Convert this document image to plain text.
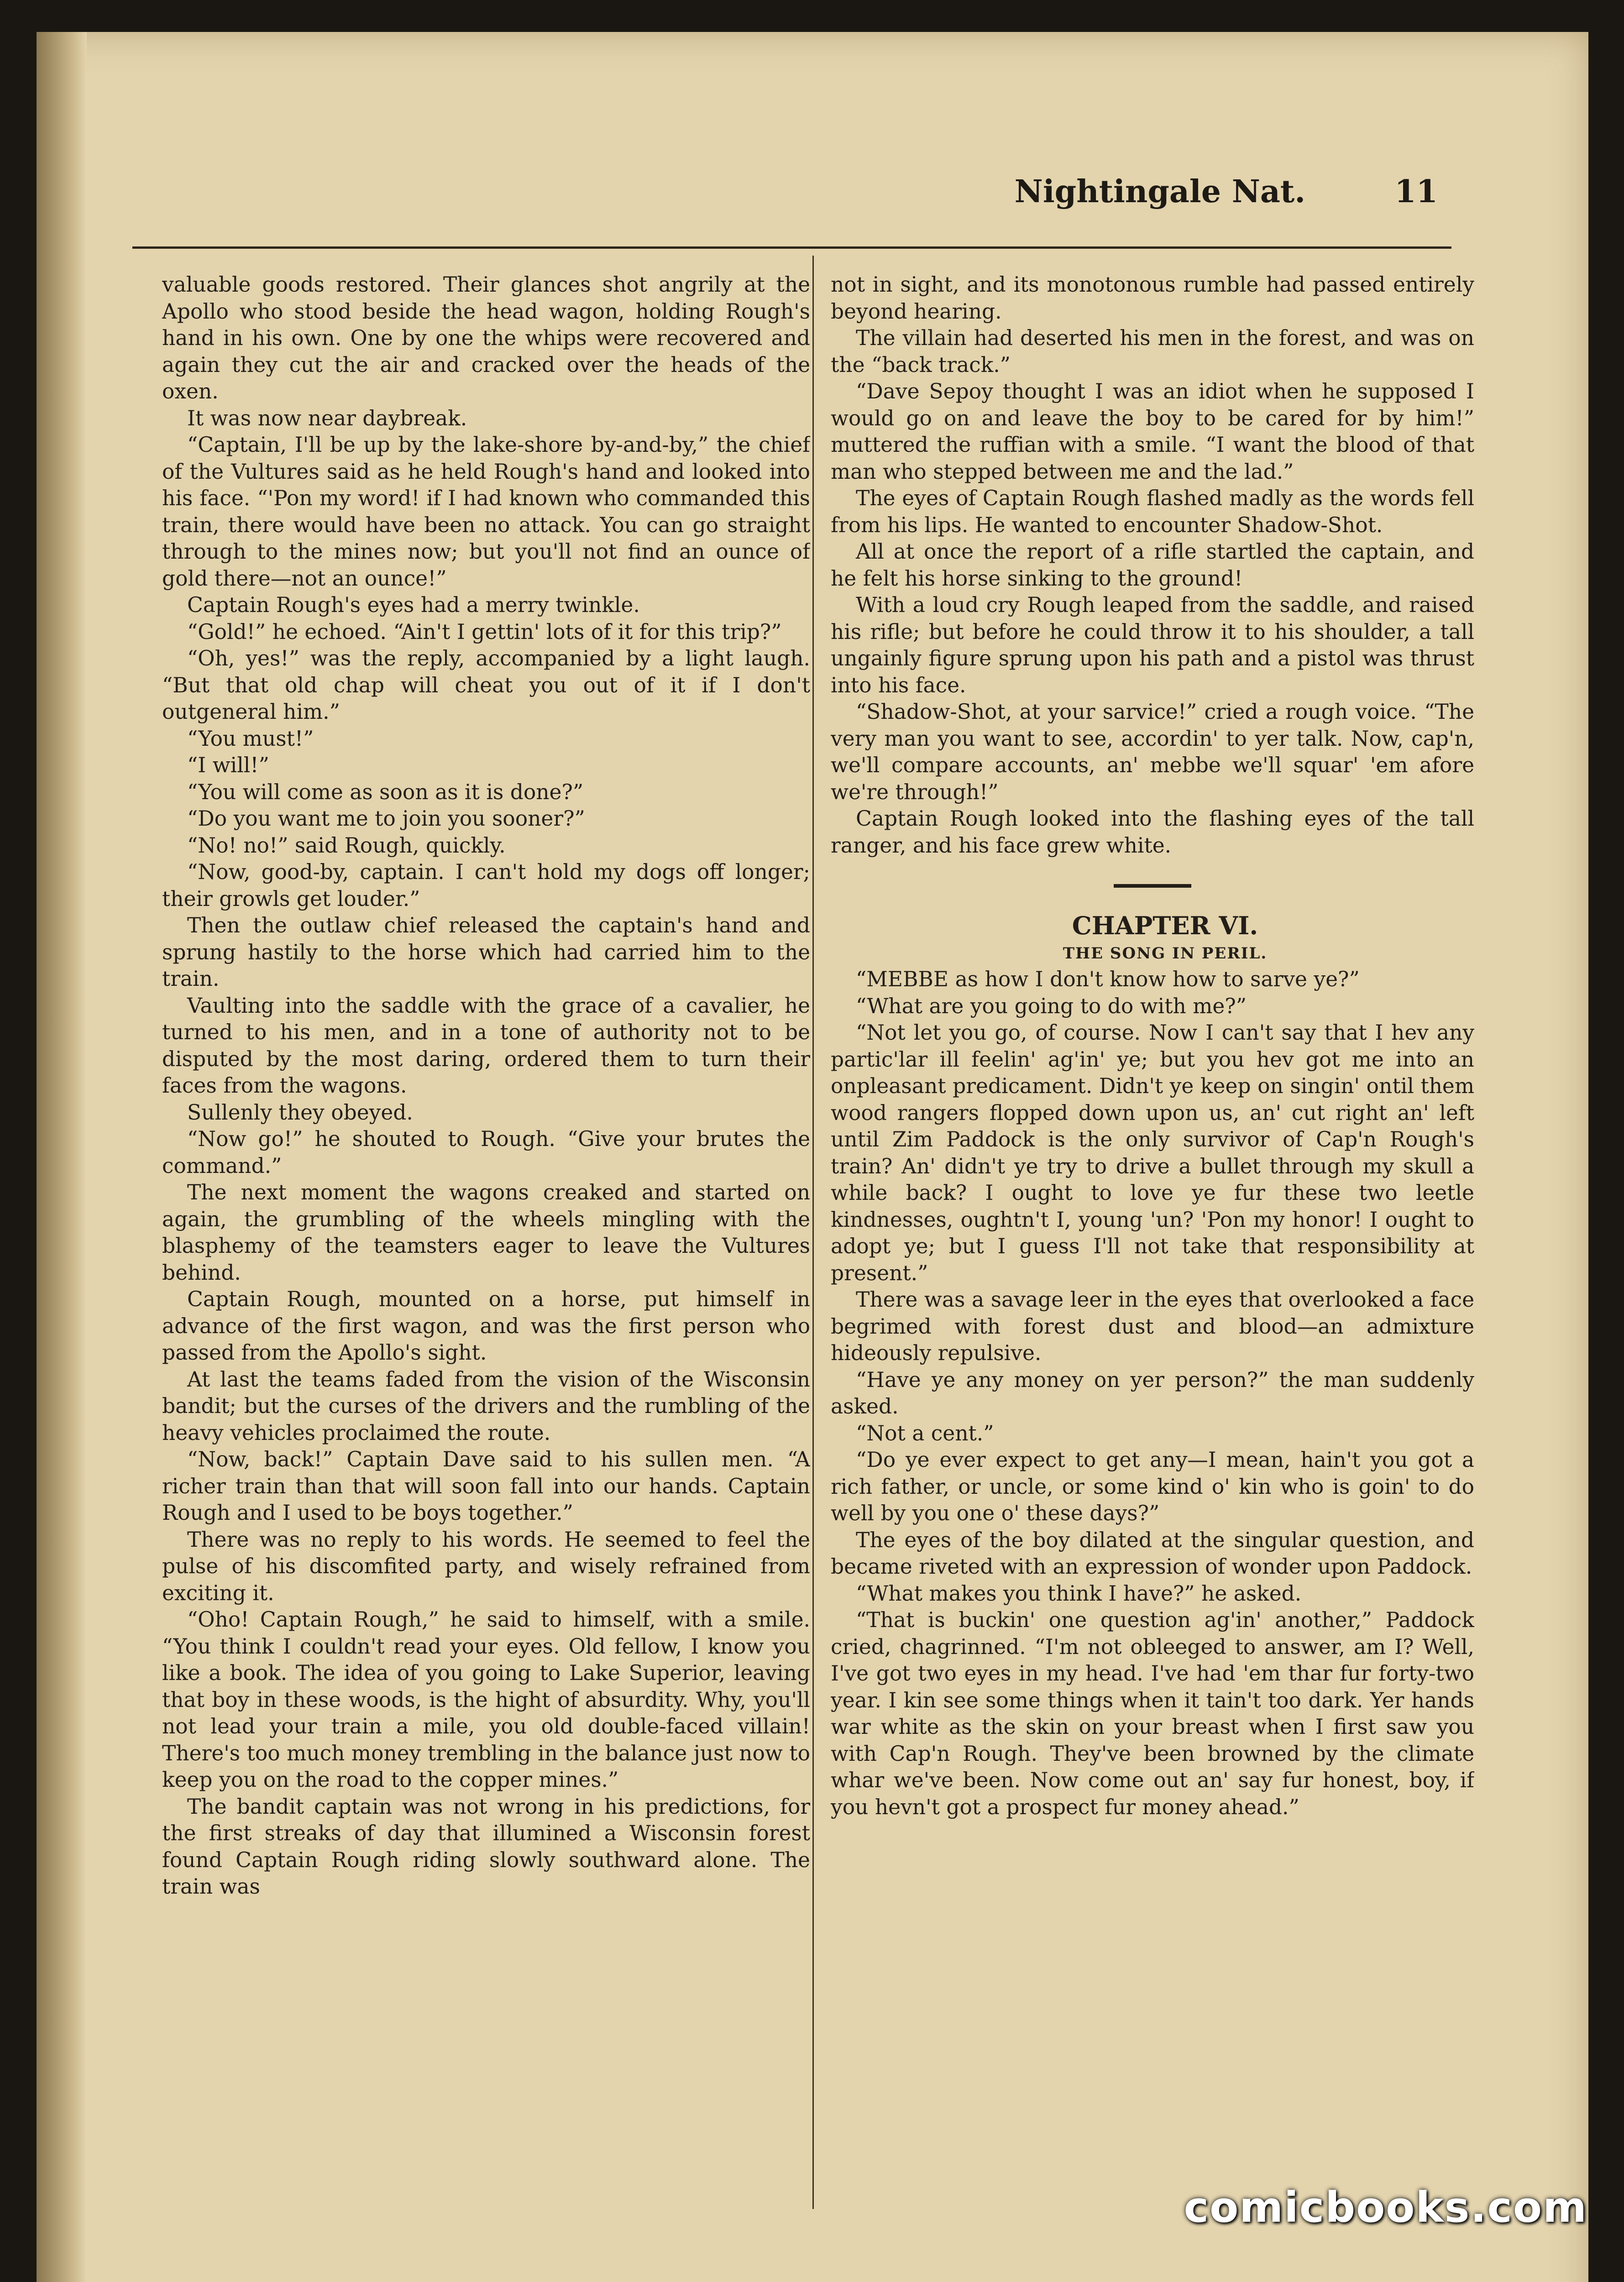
Nightingale Nat.	11

valuable goods restored. Their glances shot angrily at the Apollo who stood beside the head wagon, holding Rough's hand in his own. One by one the whips were recovered and again they cut the air and cracked over the heads of the oxen.

It was now near daybreak.

“Captain, I'll be up by the lake-shore by-and-by,” the chief of the Vultures said as he held Rough's hand and looked into his face. “'Pon my word! if I had known who commanded this train, there would have been no attack. You can go straight through to the mines now; but you'll not find an ounce of gold there—not an ounce!”

Captain Rough's eyes had a merry twinkle.

“Gold!” he echoed. “Ain't I gettin' lots of it for this trip?”

“Oh, yes!” was the reply, accompanied by a light laugh. “But that old chap will cheat you out of it if I don't outgeneral him.”

“You must!”

“I will!”

“You will come as soon as it is done?”

“Do you want me to join you sooner?”

“No! no!” said Rough, quickly.

“Now, good-by, captain. I can't hold my dogs off longer; their growls get louder.”

Then the outlaw chief released the captain's hand and sprung hastily to the horse which had carried him to the train.

Vaulting into the saddle with the grace of a cavalier, he turned to his men, and in a tone of authority not to be disputed by the most daring, ordered them to turn their faces from the wagons.

Sullenly they obeyed.

“Now go!” he shouted to Rough. “Give your brutes the command.”

The next moment the wagons creaked and started on again, the grumbling of the wheels mingling with the blasphemy of the teamsters eager to leave the Vultures behind.

Captain Rough, mounted on a horse, put himself in advance of the first wagon, and was the first person who passed from the Apollo's sight.

At last the teams faded from the vision of the Wisconsin bandit; but the curses of the drivers and the rumbling of the heavy vehicles proclaimed the route.

“Now, back!” Captain Dave said to his sullen men. “A richer train than that will soon fall into our hands. Captain Rough and I used to be boys together.”

There was no reply to his words. He seemed to feel the pulse of his discomfited party, and wisely refrained from exciting it.

“Oho! Captain Rough,” he said to himself, with a smile. “You think I couldn't read your eyes. Old fellow, I know you like a book. The idea of you going to Lake Superior, leaving that boy in these woods, is the hight of absurdity. Why, you'll not lead your train a mile, you old double-faced villain! There's too much money trembling in the balance just now to keep you on the road to the copper mines.”

The bandit captain was not wrong in his predictions, for the first streaks of day that illumined a Wisconsin forest found Captain Rough riding slowly southward alone. The train was

not in sight, and its monotonous rumble had passed entirely beyond hearing.

The villain had deserted his men in the forest, and was on the “back track.”

“Dave Sepoy thought I was an idiot when he supposed I would go on and leave the boy to be cared for by him!” muttered the ruffian with a smile. “I want the blood of that man who stepped between me and the lad.”

The eyes of Captain Rough flashed madly as the words fell from his lips. He wanted to encounter Shadow-Shot.

All at once the report of a rifle startled the captain, and he felt his horse sinking to the ground!

With a loud cry Rough leaped from the saddle, and raised his rifle; but before he could throw it to his shoulder, a tall ungainly figure sprung upon his path and a pistol was thrust into his face.

“Shadow-Shot, at your sarvice!” cried a rough voice. “The very man you want to see, accordin' to yer talk. Now, cap'n, we'll compare accounts, an' mebbe we'll squar' 'em afore we're through!”

Captain Rough looked into the flashing eyes of the tall ranger, and his face grew white.

CHAPTER VI.

THE SONG IN PERIL.

“MEBBE as how I don't know how to sarve ye?”

“What are you going to do with me?”

“Not let you go, of course. Now I can't say that I hev any partic'lar ill feelin' ag'in' ye; but you hev got me into an onpleasant predicament. Didn't ye keep on singin' ontil them wood rangers flopped down upon us, an' cut right an' left until Zim Paddock is the only survivor of Cap'n Rough's train? An' didn't ye try to drive a bullet through my skull a while back? I ought to love ye fur these two leetle kindnesses, oughtn't I, young 'un? 'Pon my honor! I ought to adopt ye; but I guess I'll not take that responsibility at present.”

There was a savage leer in the eyes that overlooked a face begrimed with forest dust and blood—an admixture hideously repulsive.

“Have ye any money on yer person?” the man suddenly asked.

“Not a cent.”

“Do ye ever expect to get any—I mean, hain't you got a rich father, or uncle, or some kind o' kin who is goin' to do well by you one o' these days?”

The eyes of the boy dilated at the singular question, and became riveted with an expression of wonder upon Paddock.

“What makes you think I have?” he asked.

“That is buckin' one question ag'in' another,” Paddock cried, chagrinned. “I'm not obleeged to answer, am I? Well, I've got two eyes in my head. I've had 'em thar fur forty-two year. I kin see some things when it tain't too dark. Yer hands war white as the skin on your breast when I first saw you with Cap'n Rough. They've been browned by the climate whar we've been. Now come out an' say fur honest, boy, if you hevn't got a prospect fur money ahead.”

comicbooks.com
